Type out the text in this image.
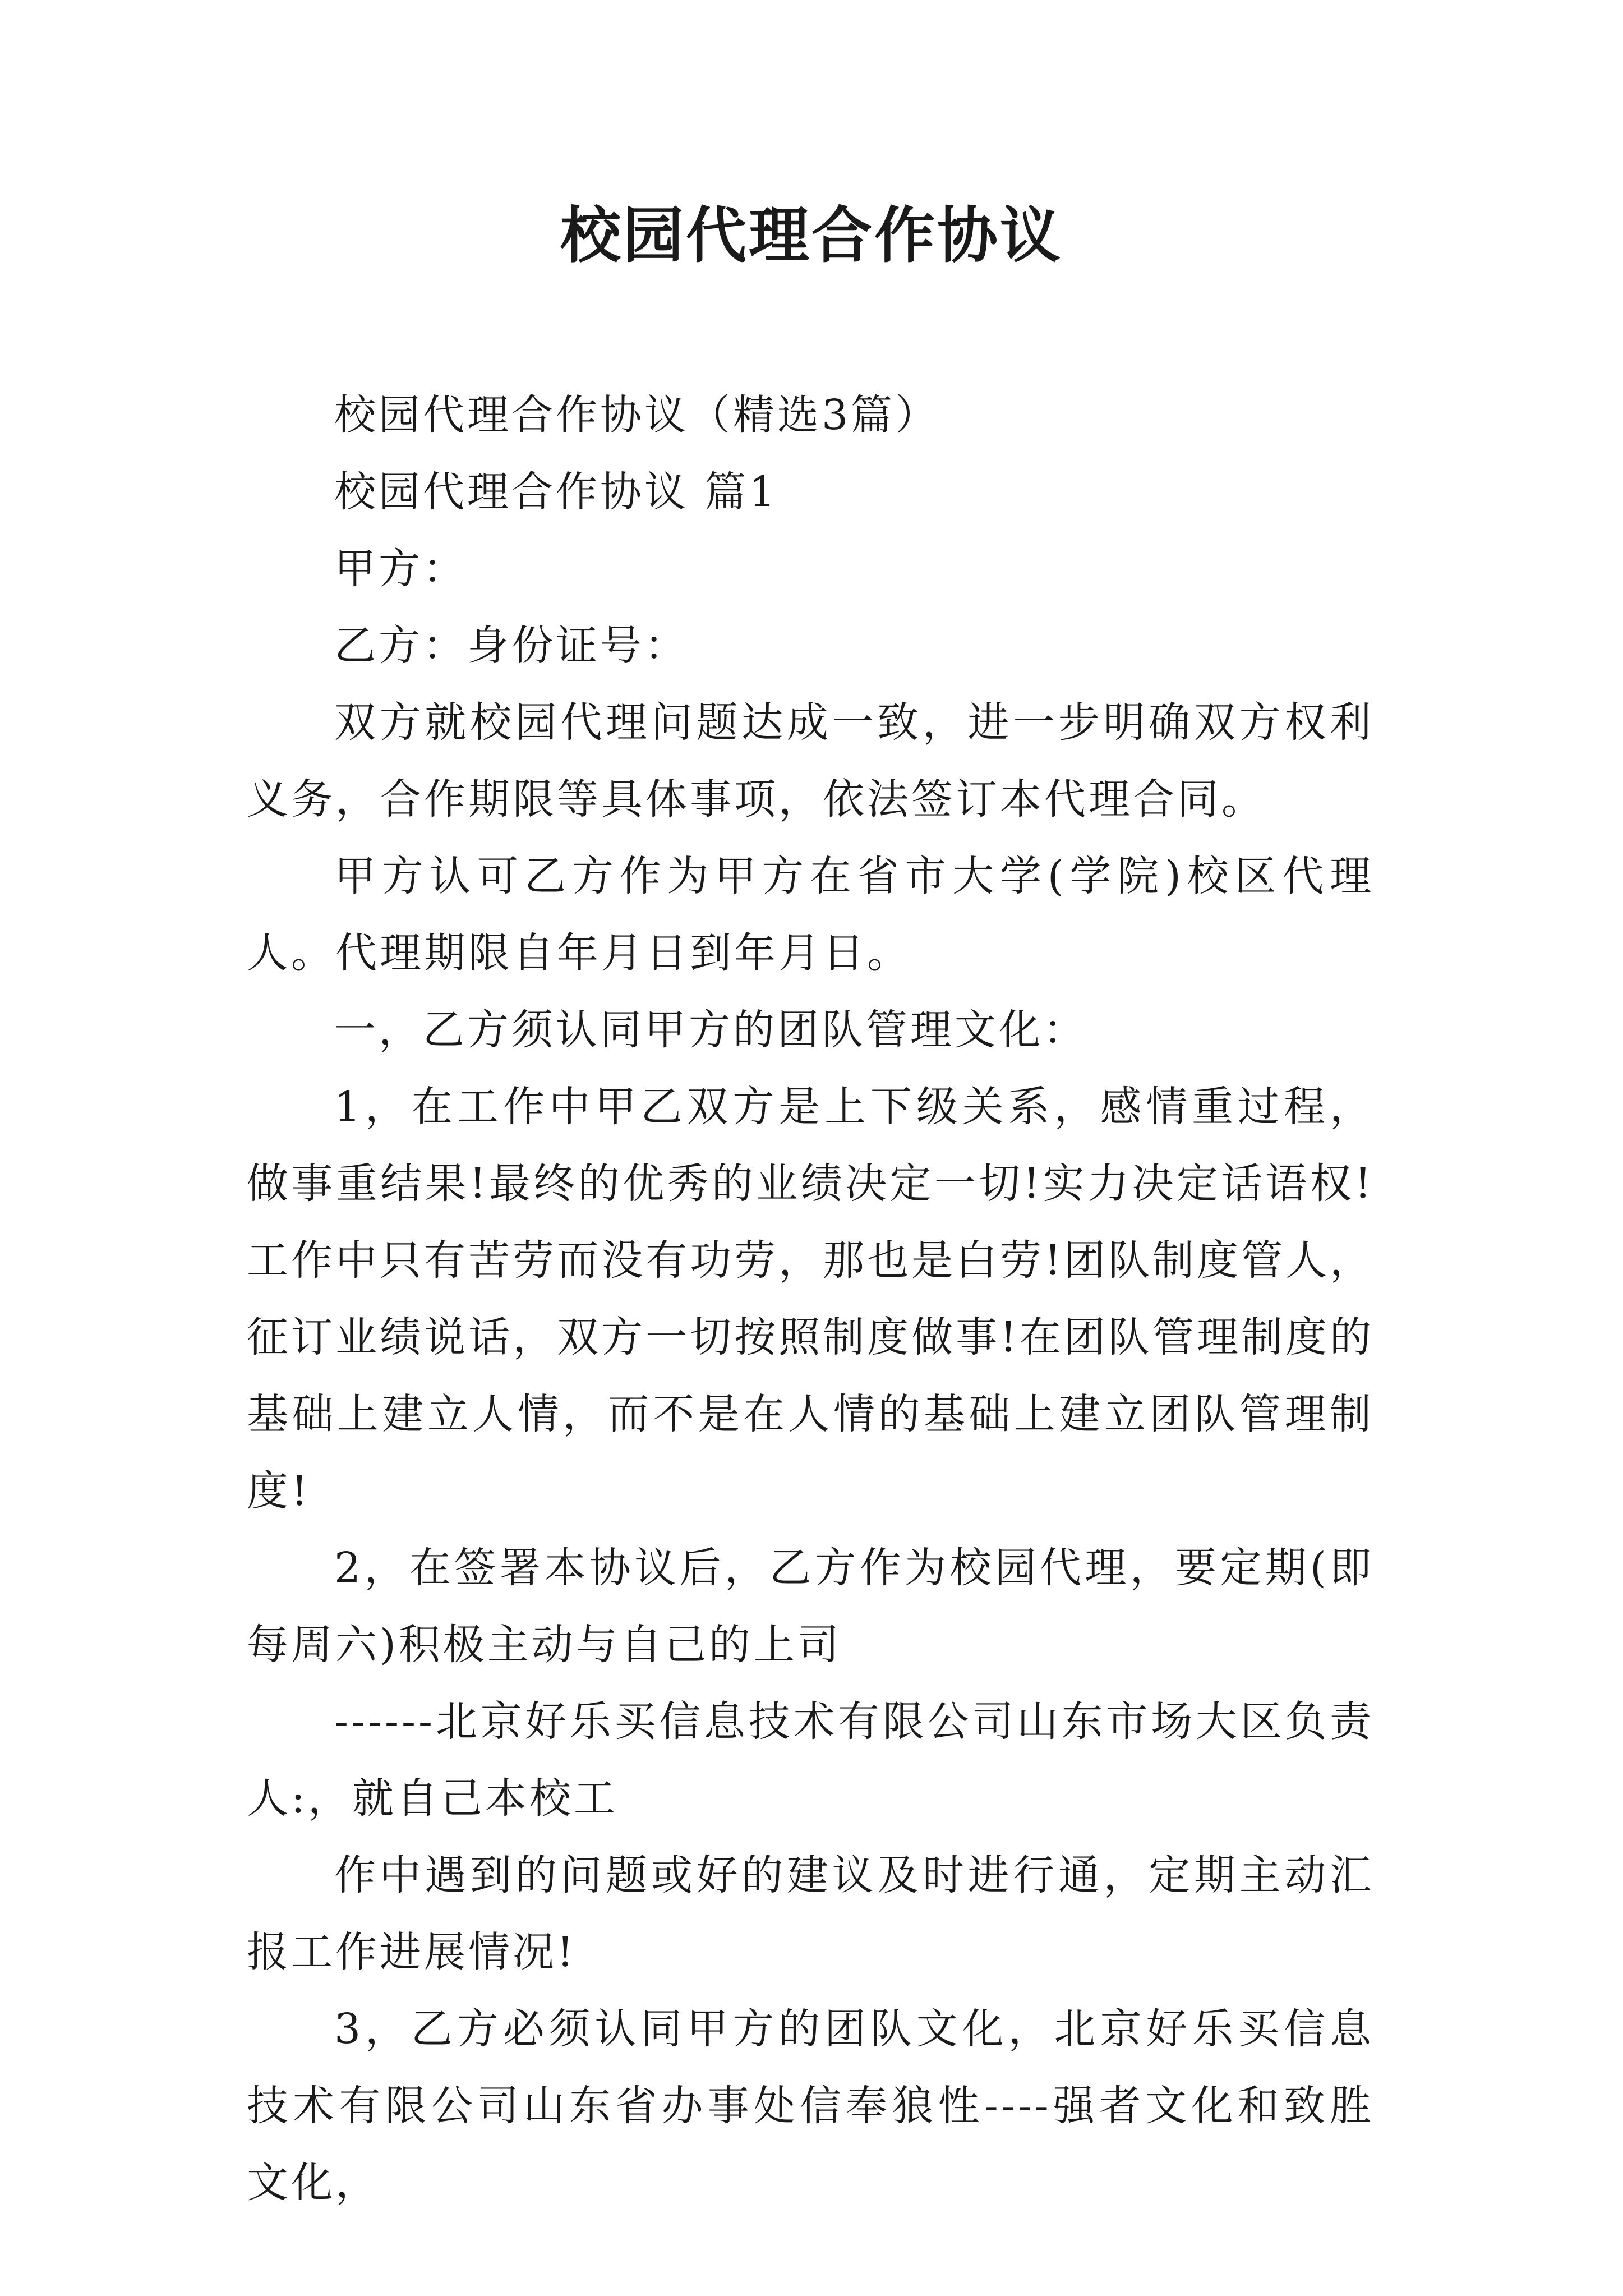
校园代理合作协议

校园代理合作协议（精选3篇）

校园代理合作协议 篇1

甲方：

乙方：身份证号：

双方就校园代理问题达成一致，进一步明确双方权利义务，合作期限等具体事项，依法签订本代理合同。

甲方认可乙方作为甲方在省市大学(学院)校区代理人。代理期限自年月日到年月日。

一，乙方须认同甲方的团队管理文化：

1，在工作中甲乙双方是上下级关系，感情重过程，做事重结果!最终的优秀的业绩决定一切!实力决定话语权!工作中只有苦劳而没有功劳，那也是白劳!团队制度管人，征订业绩说话，双方一切按照制度做事!在团队管理制度的基础上建立人情，而不是在人情的基础上建立团队管理制度!

2，在签署本协议后，乙方作为校园代理，要定期(即每周六)积极主动与自己的上司

------北京好乐买信息技术有限公司山东市场大区负责人:，就自己本校工

作中遇到的问题或好的建议及时进行通，定期主动汇报工作进展情况!

3，乙方必须认同甲方的团队文化，北京好乐买信息技术有限公司山东省办事处信奉狼性----强者文化和致胜文化，
